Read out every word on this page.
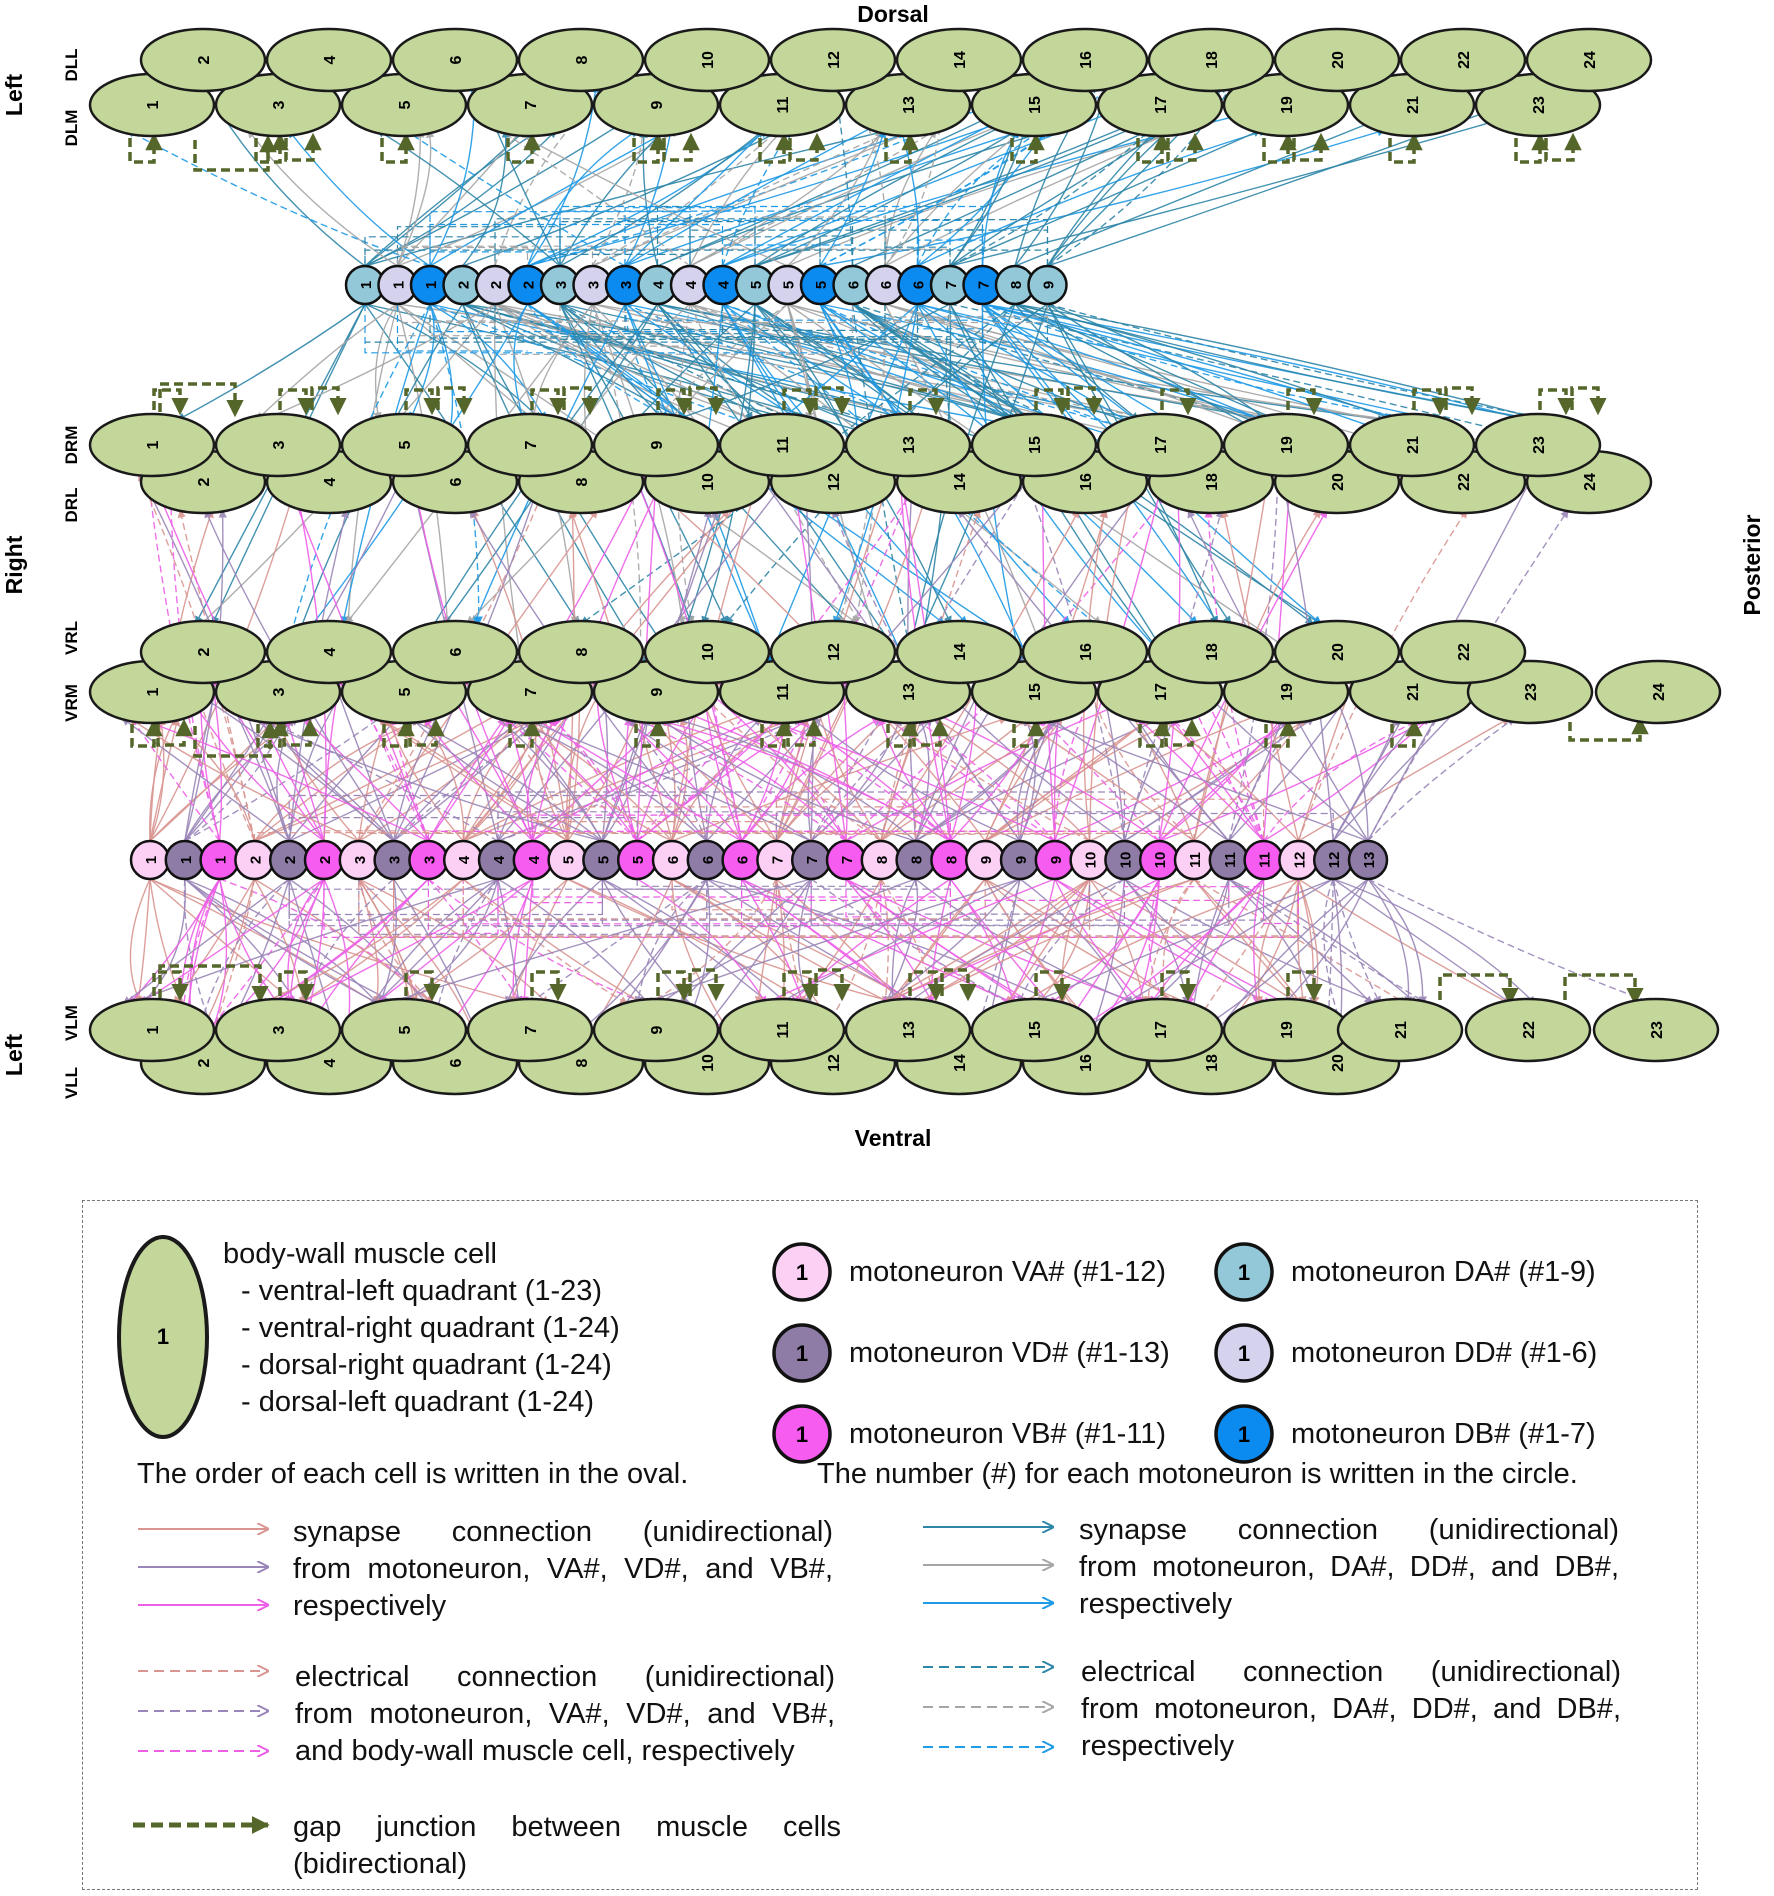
1	3	5	7	9	11	13	15	17	19	21	23
2	4	6	8	10	12	14	16	18	20	22	24
2	4	6	8	10	12	14	16	18	20	22	24
1	3	5	7	9	11	13	15	17	19	21	23
1	3	5	7	9	11	13	15	17	19	21	23
2	4	6	8	10	12	14	16	18	20	22
24
2	4	6	8	10	12	14	16	18	20
22
1	3	5	7	9	11	13	15	17	19	21	23
1 1 1 2 2 2 3 3 3 4 4 4 5 5 5 6 6 6 7 7 8 9
1 1 1 2 2 2 3 3 3 4 4 4 5 5 5 6 6 6 7 7 7 8 8 8 9 9 9 10 10 10 11 11 11 12 12 13
Dorsal
Ventral
Left
Right
Left
Posterior
DLL
DLM
DRM
DRL
VRL
VRM
VLM
VLL
1
body-wall muscle cell
- ventral-left quadrant (1-23)
- ventral-right quadrant (1-24)
- dorsal-right quadrant (1-24)
- dorsal-left quadrant (1-24)
The order of each cell is written in the oval.
1 motoneuron VA# (#1-12)	1 motoneuron DA# (#1-9)
1 motoneuron VD# (#1-13)	1 motoneuron DD# (#1-6)
1 motoneuron VB# (#1-11)	1 motoneuron DB# (#1-7)
The number (#) for each motoneuron is written in the circle.
synapse connection (unidirectional)
from motoneuron, VA#, VD#, and VB#,
respectively
synapse connection (unidirectional)
from motoneuron, DA#, DD#, and DB#,
respectively
electrical connection (unidirectional)
from motoneuron, VA#, VD#, and VB#,
and body-wall muscle cell, respectively
electrical connection (unidirectional)
from motoneuron, DA#, DD#, and DB#,
respectively
gap junction between muscle cells
(bidirectional)
